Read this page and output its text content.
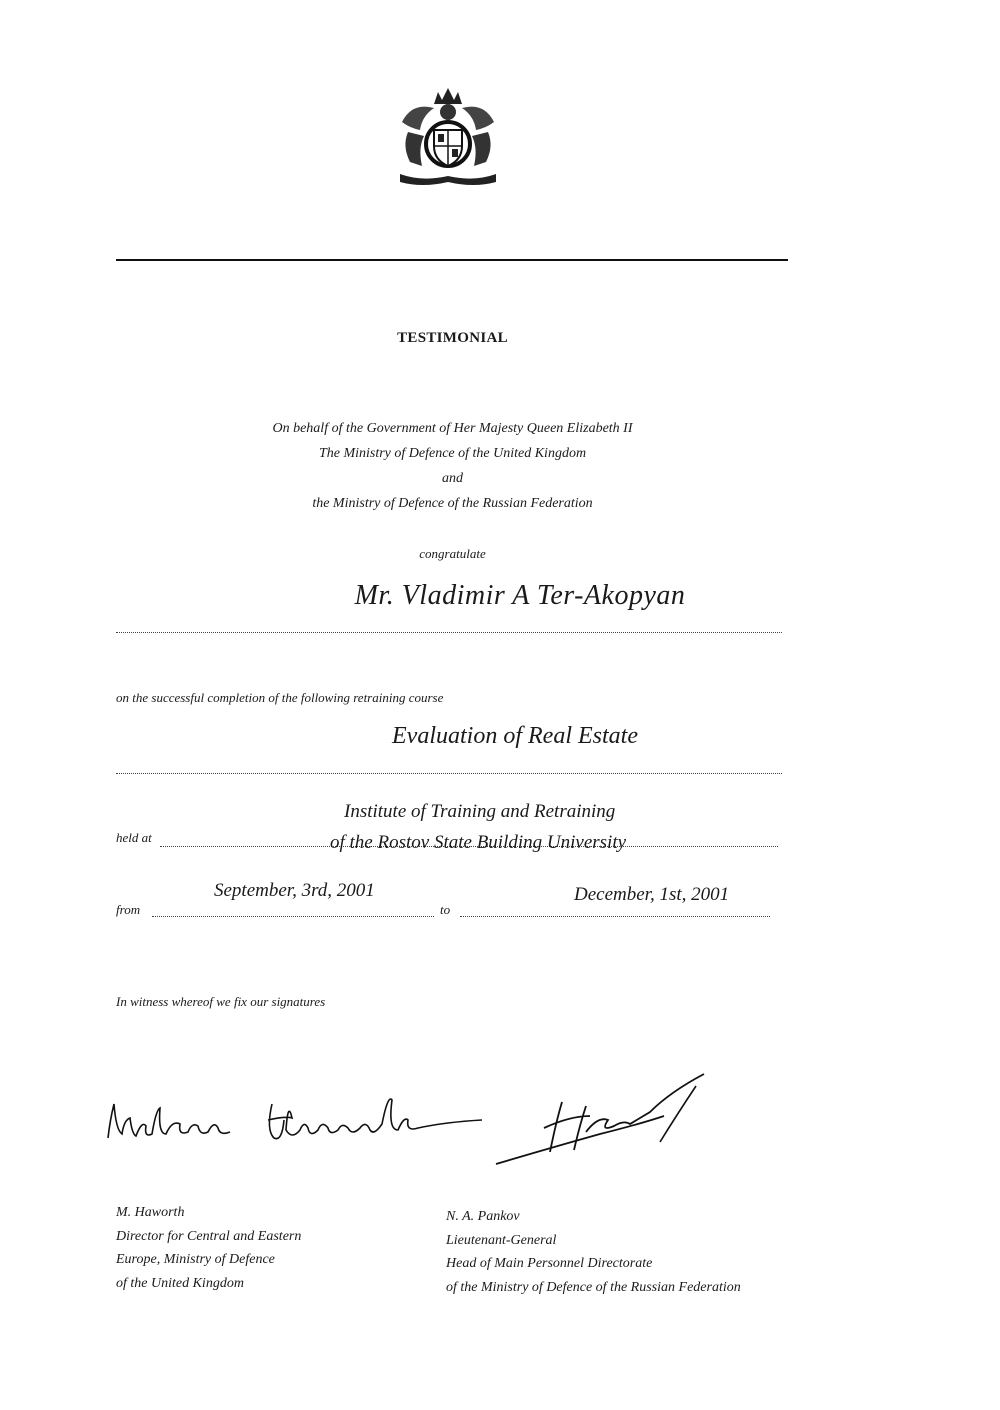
TESTIMONIAL
On behalf of the Government of Her Majesty Queen Elizabeth II
The Ministry of Defence of the United Kingdom
and
the Ministry of Defence of the Russian Federation
congratulate
Mr. Vladimir A Ter-Akopyan
on the successful completion of the following retraining course
Evaluation of Real Estate
Institute of Training and Retraining
held at	of the Rostov State Building University
September, 3rd, 2001
from	to
December, 1st, 2001
In witness whereof we fix our signatures
M. Haworth
Director for Central and Eastern
Europe, Ministry of Defence
of the United Kingdom
N. A. Pankov
Lieutenant-General
Head of Main Personnel Directorate
of the Ministry of Defence of the Russian Federation
